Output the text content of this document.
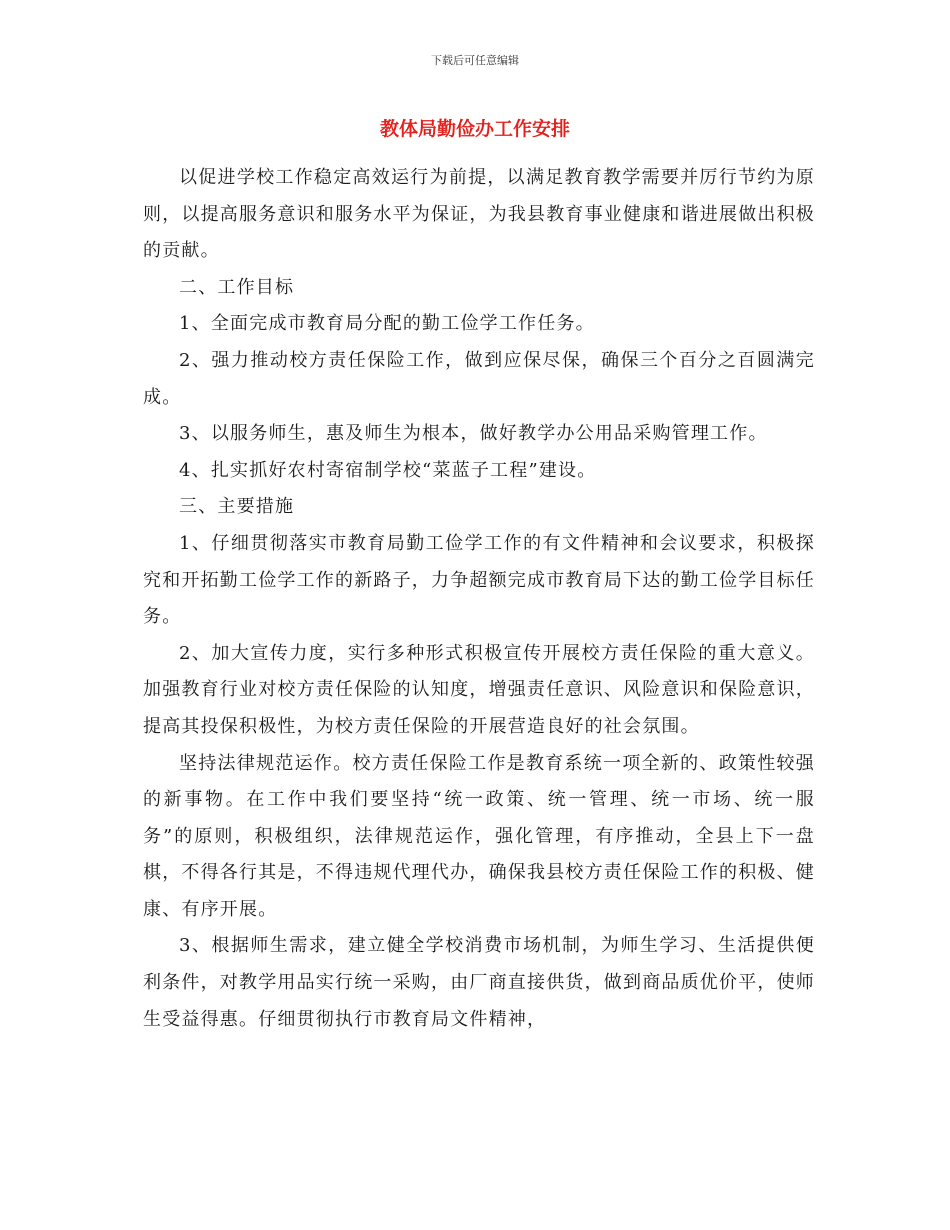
下载后可任意编辑
教体局勤俭办工作安排

以促进学校工作稳定高效运行为前提，以满足教育教学需要并厉行节约为原则，以提高服务意识和服务水平为保证，为我县教育事业健康和谐进展做出积极的贡献。

二、工作目标

1、全面完成市教育局分配的勤工俭学工作任务。

2、强力推动校方责任保险工作，做到应保尽保，确保三个百分之百圆满完成。

3、以服务师生，惠及师生为根本，做好教学办公用品采购管理工作。

4、扎实抓好农村寄宿制学校“菜蓝子工程”建设。

三、主要措施

1、仔细贯彻落实市教育局勤工俭学工作的有文件精神和会议要求，积极探究和开拓勤工俭学工作的新路子，力争超额完成市教育局下达的勤工俭学目标任务。

2、加大宣传力度，实行多种形式积极宣传开展校方责任保险的重大意义。加强教育行业对校方责任保险的认知度，增强责任意识、风险意识和保险意识，提高其投保积极性，为校方责任保险的开展营造良好的社会氛围。

坚持法律规范运作。校方责任保险工作是教育系统一项全新的、政策性较强的新事物。在工作中我们要坚持“统一政策、统一管理、统一市场、统一服务”的原则，积极组织，法律规范运作，强化管理，有序推动，全县上下一盘棋，不得各行其是，不得违规代理代办，确保我县校方责任保险工作的积极、健康、有序开展。

3、根据师生需求，建立健全学校消费市场机制，为师生学习、生活提供便利条件，对教学用品实行统一采购，由厂商直接供货，做到商品质优价平，使师生受益得惠。仔细贯彻执行市教育局文件精神，
